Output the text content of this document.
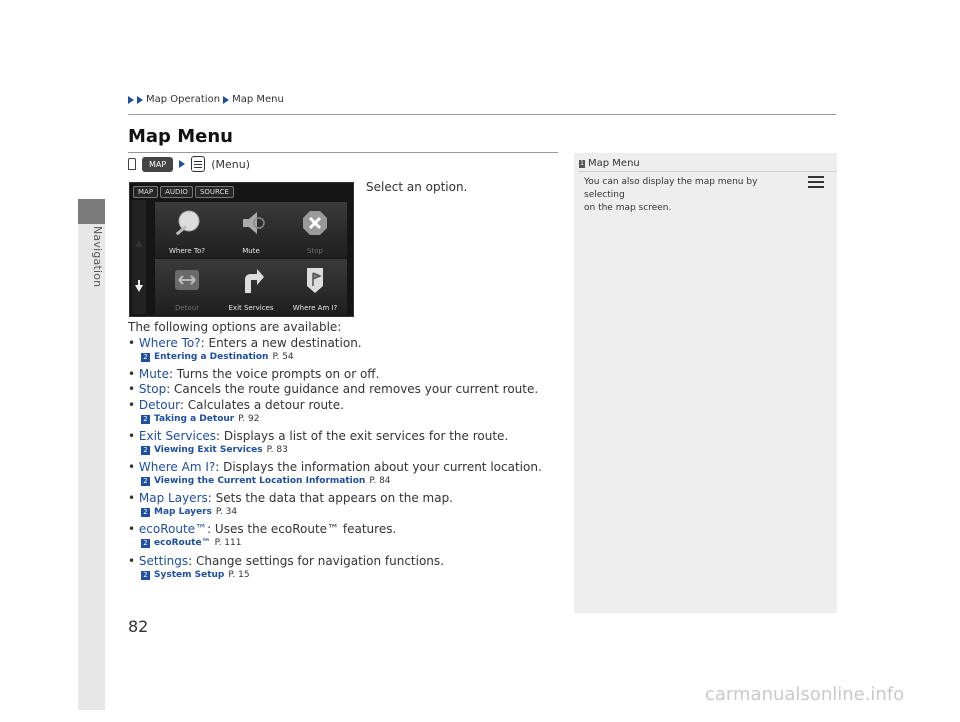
Navigation
Map Operation Map Menu
Map Menu
MAP	(Menu)
MAP	AUDIO	SOURCE
Where To?	Mute	Stop
Detour	Exit Services	Where Am I?
Select an option.
The following options are available:
• Where To?: Enters a new destination.
2 Entering a Destination P. 54
• Mute: Turns the voice prompts on or off.
• Stop: Cancels the route guidance and removes your current route.
• Detour: Calculates a detour route.
2 Taking a Detour P. 92
• Exit Services: Displays a list of the exit services for the route.
2 Viewing Exit Services P. 83
• Where Am I?: Displays the information about your current location.
2 Viewing the Current Location Information P. 84
• Map Layers: Sets the data that appears on the map.
2 Map Layers P. 34
• ecoRoute™: Uses the ecoRoute™ features.
2 ecoRoute™ P. 111
• Settings: Change settings for navigation functions.
2 System Setup P. 15
1 Map Menu
You can also display the map menu by selecting
on the map screen.
82
carmanualsonline.info
